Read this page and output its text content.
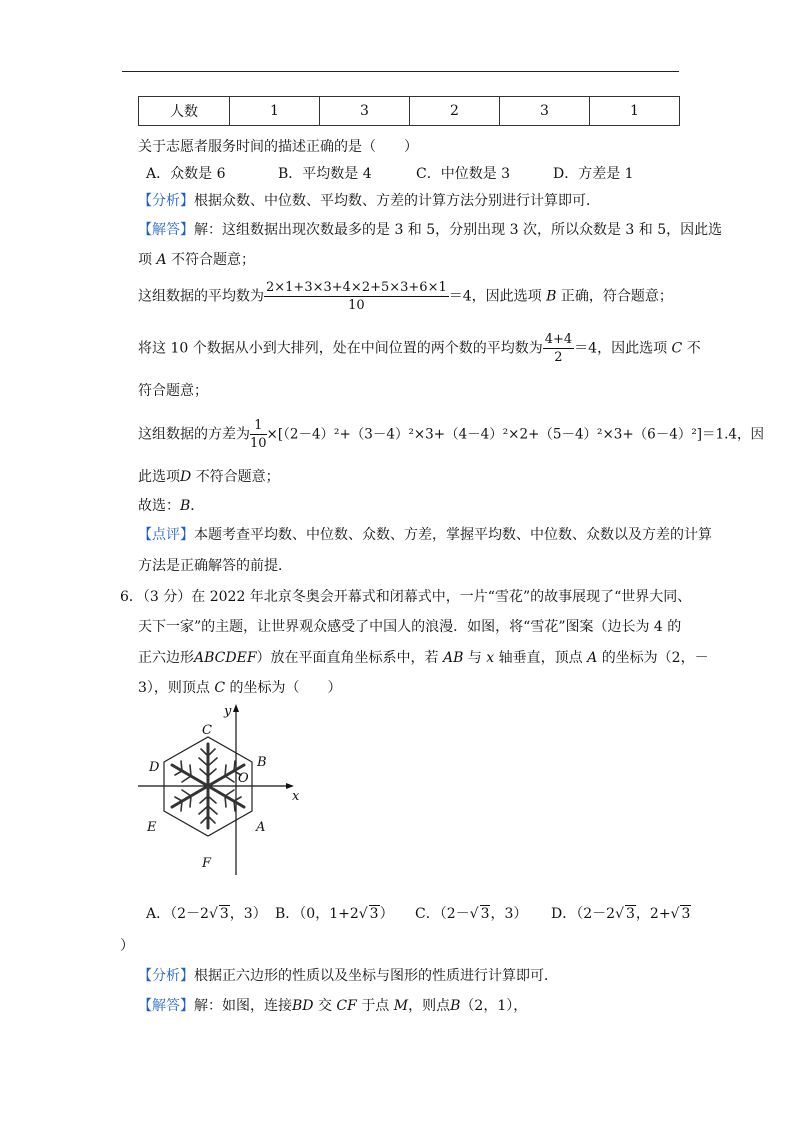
人数	1	3	2	3	1
关于志愿者服务时间的描述正确的是（　　）
A．众数是 6	B．平均数是 4	C．中位数是 3	D．方差是 1
【分析】根据众数、中位数、平均数、方差的计算方法分别进行计算即可．
【解答】解：这组数据出现次数最多的是 3 和 5，分别出现 3 次，所以众数是 3 和 5，因此选
项 A 不符合题意；
这组数据的平均数为 $\frac{2\times 1+3\times 3+4\times 2+5\times 3+6\times 1}{10} =4$，因此选项 B 正确，符合题意；
将这 10 个数据从小到大排列，处在中间位置的两个数的平均数为 $\frac{4+4}{2} =4$，因此选项 C 不
符合题意；
这组数据的方差为 $\frac{1}{10} \times[(2-4)^2+(3-4)^2\times 3+(4-4)^2\times 2+(5-4)^2\times 3+(6-4)^2]=1.4$，因
此选项D 不符合题意；
故选：B．
【点评】本题考查平均数、中位数、众数、方差，掌握平均数、中位数、众数以及方差的计算
方法是正确解答的前提．
6．（3 分）在 2022 年北京冬奥会开幕式和闭幕式中，一片“雪花”的故事展现了“世界大同、
天下一家”的主题，让世界观众感受了中国人的浪漫．如图，将“雪花”图案（边长为 4 的
正六边形ABCDEF）放在平面直角坐标系中，若 AB 与 x 轴垂直，顶点 A 的坐标为（2，－
3），则顶点 C 的坐标为（　　）
y
x
O
A
B
C
D
E
F
A．（2－2√ 3，3） B．（0，1+2√ 3） C．（2－√ 3，3） D．（2－2√ 3，2+√ 3
）
【分析】根据正六边形的性质以及坐标与图形的性质进行计算即可．
【解答】解：如图，连接BD 交 CF 于点 M，则点B（2，1），
